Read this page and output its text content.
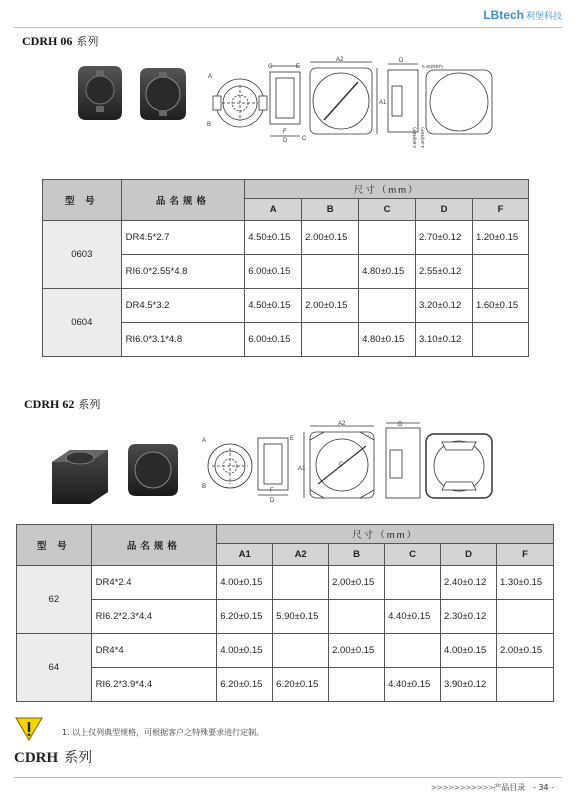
LBtech 利堡科技
CDRH 06 系列
A
B
G	E
F
D
A2
A1
C
D
0.46(REF)
2.60(REF) 4.40(REF)
型 号	品名规格	尺寸（mm）				
		A	B	C	D	F
0603	DR4.5*2.7	4.50±0.15	2.00±0.15		2.70±0.12	1.20±0.15
	RI6.0*2.55*4.8	6.00±0.15		4.80±0.15	2.55±0.12	
0604	DR4.5*3.2	4.50±0.15	2.00±0.15		3.20±0.12	1.60±0.15
	RI6.0*3.1*4.8	6.00±0.15		4.80±0.15	3.10±0.12	
CDRH 62 系列
A
B
E
F
D
A2
A1
C
D
型 号	品名规格	尺寸（mm）					
		A1	A2	B	C	D	F
62	DR4*2.4	4.00±0.15		2.00±0.15		2.40±0.12	1.30±0.15
	RI6.2*2.3*4.4	6.20±0.15	5.90±0.15		4.40±0.15	2.30±0.12	
64	DR4*4	4.00±0.15		2.00±0.15		4.00±0.15	2.00±0.15
	RI6.2*3.9*4.4	6.20±0.15	6.20±0.15		4.40±0.15	3.90±0.12	
1. 以上仅列典型规格，可根据客户之特殊要求进行定制。
CDRH 系列
>>>>>>>>>>>产品目录 - 34 -
